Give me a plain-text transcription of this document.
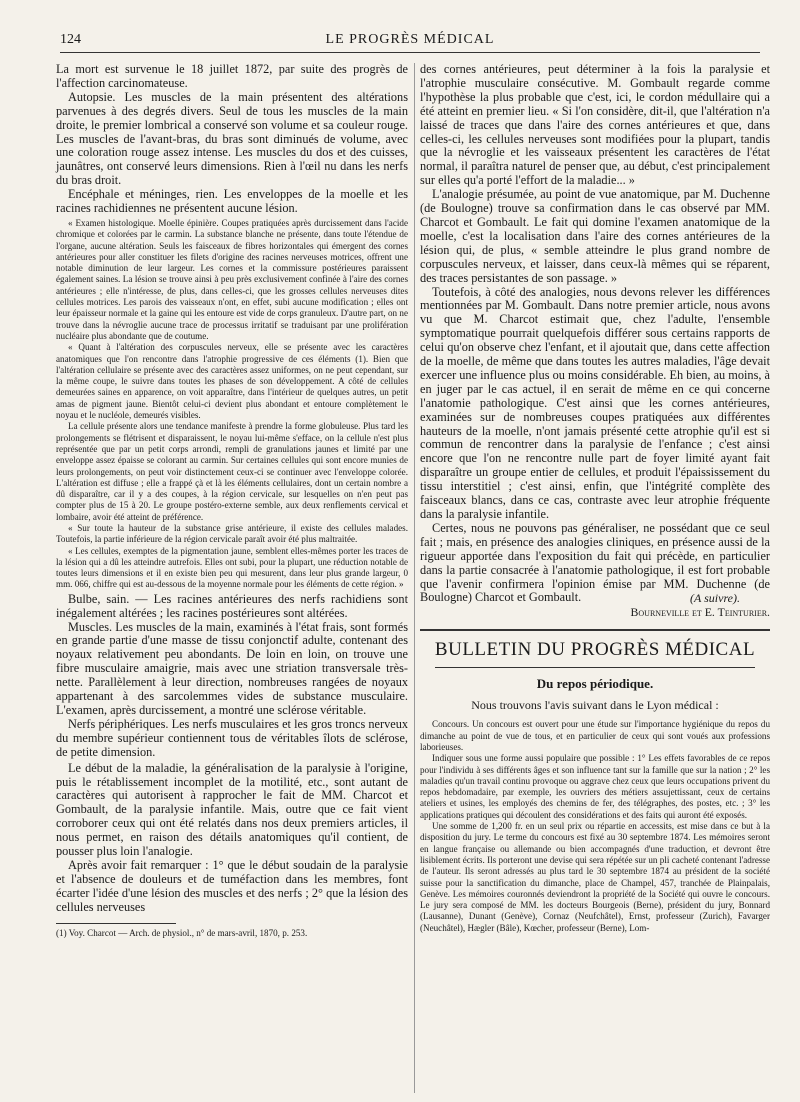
124	LE PROGRÈS MÉDICAL

La mort est survenue le 18 juillet 1872, par suite des progrès de l'affection carcinomateuse.

Autopsie. Les muscles de la main présentent des altérations parvenues à des degrés divers. Seul de tous les muscles de la main droite, le premier lombrical a conservé son volume et sa couleur rouge. Les muscles de l'avant-bras, du bras sont diminués de volume, avec une coloration rouge assez intense. Les muscles du dos et des cuisses, jaunâtres, ont conservé leurs dimensions. Rien à l'œil nu dans les nerfs du bras droit.

Encéphale et méninges, rien. Les enveloppes de la moelle et les racines rachidiennes ne présentent aucune lésion.

« Examen histologique. Moelle épinière. Coupes pratiquées après durcissement dans l'acide chromique et colorées par le carmin. La substance blanche ne présente, dans toute l'étendue de l'organe, aucune altération. Seuls les faisceaux de fibres horizontales qui émergent des cornes antérieures pour aller constituer les filets d'origine des racines nerveuses motrices, offrent une notable diminution de leur largeur. Les cornes et la commissure postérieures paraissent également saines. La lésion se trouve ainsi à peu près exclusivement confinée à l'aire des cornes antérieures ; elle n'intéresse, de plus, dans celles-ci, que les grosses cellules nerveuses dites cellules motrices. Les parois des vaisseaux n'ont, en effet, subi aucune modification ; elles ont leur épaisseur normale et la gaine qui les entoure est vide de corps granuleux. D'autre part, on ne trouve dans la névroglie aucune trace de processus irritatif se traduisant par une prolifération nucléaire plus abondante que de coutume.

« Quant à l'altération des corpuscules nerveux, elle se présente avec les caractères anatomiques que l'on rencontre dans l'atrophie progressive de ces éléments (1). Bien que l'altération cellulaire se présente avec des caractères assez uniformes, on ne peut cependant, sur la même coupe, le suivre dans toutes les phases de son développement. A côté de cellules demeurées saines en apparence, on voit apparaître, dans l'intérieur de quelques autres, un petit amas de pigment jaune. Bientôt celui-ci devient plus abondant et entoure complètement le noyau et le nucléole, demeurés visibles.

La cellule présente alors une tendance manifeste à prendre la forme globuleuse. Plus tard les prolongements se flétrisent et disparaissent, le noyau lui-même s'efface, on la cellule n'est plus représentée que par un petit corps arrondi, rempli de granulations jaunes et limité par une enveloppe assez épaisse se colorant au carmin. Sur certaines cellules qui sont encore munies de leurs prolongements, on peut voir distinctement ceux-ci se continuer avec l'enveloppe colorée. L'altération est diffuse ; elle a frappé çà et là les éléments cellulaires, dont un certain nombre a dû disparaître, car il y a des coupes, à la région cervicale, sur lesquelles on n'en peut pas compter plus de 15 à 20. Le groupe postéro-externe semble, aux deux renflements cervical et lombaire, avoir été atteint de préférence.

« Sur toute la hauteur de la substance grise antérieure, il existe des cellules malades. Toutefois, la partie inférieure de la région cervicale paraît avoir été plus maltraitée.

« Les cellules, exemptes de la pigmentation jaune, semblent elles-mêmes porter les traces de la lésion qui a dû les atteindre autrefois. Elles ont subi, pour la plupart, une réduction notable de toutes leurs dimensions et il en existe bien peu qui mesurent, dans leur plus grande largeur, 0 mm. 066, chiffre qui est au-dessous de la moyenne normale pour les éléments de cette région. »

Bulbe, sain. — Les racines antérieures des nerfs rachidiens sont inégalement altérées ; les racines postérieures sont altérées.

Muscles. Les muscles de la main, examinés à l'état frais, sont formés en grande partie d'une masse de tissu conjonctif adulte, contenant des noyaux relativement peu abondants. De loin en loin, on trouve une fibre musculaire amaigrie, mais avec une striation transversale très-nette. Parallèlement à leur direction, nombreuses rangées de noyaux appartenant à des sarcolemmes vides de substance musculaire. L'examen, après durcissement, a montré une sclérose véritable.

Nerfs périphériques. Les nerfs musculaires et les gros troncs nerveux du membre supérieur contiennent tous de véritables îlots de sclérose, de petite dimension.

Le début de la maladie, la généralisation de la paralysie à l'origine, puis le rétablissement incomplet de la motilité, etc., sont autant de caractères qui autorisent à rapprocher le fait de MM. Charcot et Gombault, de la paralysie infantile. Mais, outre que ce fait vient corroborer ceux qui ont été relatés dans nos deux premiers articles, il nous permet, en raison des détails anatomiques qu'il contient, de pousser plus loin l'analogie.

Après avoir fait remarquer : 1° que le début soudain de la paralysie et l'absence de douleurs et de tuméfaction dans les membres, font écarter l'idée d'une lésion des muscles et des nerfs ; 2° que la lésion des cellules nerveuses

(1) Voy. Charcot — Arch. de physiol., n° de mars-avril, 1870, p. 253.

des cornes antérieures, peut déterminer à la fois la paralysie et l'atrophie musculaire consécutive. M. Gombault regarde comme l'hypothèse la plus probable que c'est, ici, le cordon médullaire qui a été atteint en premier lieu. « Si l'on considère, dit-il, que l'altération n'a laissé de traces que dans l'aire des cornes antérieures et que, dans celles-ci, les cellules nerveuses sont modifiées pour la plupart, tandis que la névroglie et les vaisseaux présentent les caractères de l'état normal, il paraîtra naturel de penser que, au début, c'est principalement sur elles qu'a porté l'effort de la maladie... »

L'analogie présumée, au point de vue anatomique, par M. Duchenne (de Boulogne) trouve sa confirmation dans le cas observé par MM. Charcot et Gombault. Le fait qui domine l'examen anatomique de la moelle, c'est la localisation dans l'aire des cornes antérieures de la lésion qui, de plus, « semble atteindre le plus grand nombre de corpuscules nerveux, et laisser, dans ceux-là mêmes qui se réparent, des traces persistantes de son passage. »

Toutefois, à côté des analogies, nous devons relever les différences mentionnées par M. Gombault. Dans notre premier article, nous avons vu que M. Charcot estimait que, chez l'adulte, l'ensemble symptomatique pourrait quelquefois différer sous certains rapports de celui qu'on observe chez l'enfant, et il ajoutait que, dans cette affection de la moelle, de même que dans toutes les autres maladies, l'âge devait exercer une influence plus ou moins considérable. Eh bien, au moins, à en juger par le cas actuel, il en serait de même en ce qui concerne l'anatomie pathologique. C'est ainsi que les cornes antérieures, examinées sur de nombreuses coupes pratiquées aux différentes hauteurs de la moelle, n'ont jamais présenté cette atrophie qu'il est si commun de rencontrer dans la paralysie de l'enfance ; c'est ainsi encore que l'on ne rencontre nulle part de foyer limité ayant fait disparaître un groupe entier de cellules, et produit l'épaississement du tissu interstitiel ; c'est ainsi, enfin, que l'intégrité complète des faisceaux blancs, dans ce cas, contraste avec leur atrophie fréquente dans la paralysie infantile.

Certes, nous ne pouvons pas généraliser, ne possédant que ce seul fait ; mais, en présence des analogies cliniques, en présence aussi de la rigueur apportée dans l'exposition du fait qui précède, en particulier dans la partie consacrée à l'anatomie pathologique, il est fort probable que l'avenir confirmera l'opinion émise par MM. Duchenne (de Boulogne) Charcot et Gombault.	(A suivre).
Bourneville et E. Teinturier.
BULLETIN DU PROGRÈS MÉDICAL
Du repos périodique.
Nous trouvons l'avis suivant dans le Lyon médical :

Concours. Un concours est ouvert pour une étude sur l'importance hygiénique du repos du dimanche au point de vue de tous, et en particulier de ceux qui sont voués aux professions laborieuses.

Indiquer sous une forme aussi populaire que possible : 1° Les effets favorables de ce repos pour l'individu à ses différents âges et son influence tant sur la famille que sur la nation ; 2° les maladies qu'un travail continu provoque ou aggrave chez ceux que leurs occupations privent du repos hebdomadaire, par exemple, les ouvriers des métiers assujettissant, ceux de certains ateliers et usines, les employés des chemins de fer, des télégraphes, des postes, etc. ; 3° les applications pratiques qui découlent des considérations et des faits qui auront été exposés.

Une somme de 1,200 fr. en un seul prix ou répartie en accessits, est mise dans ce but à la disposition du jury. Le terme du concours est fixé au 30 septembre 1874. Les mémoires seront en langue française ou allemande ou bien accompagnés d'une traduction, et devront être lisiblement écrits. Ils porteront une devise qui sera répétée sur un pli cacheté contenant l'adresse de l'auteur. Ils seront adressés au plus tard le 30 septembre 1874 au président de la société suisse pour la sanctification du dimanche, place de Champel, 457, tranchée de Plainpalais, Genève. Les mémoires couronnés deviendront la propriété de la Société qui ouvre le concours. Le jury sera composé de MM. les docteurs Bourgeois (Berne), président du jury, Bonnard (Lausanne), Dunant (Genève), Cornaz (Neufchâtel), Ernst, professeur (Zurich), Favarger (Neuchâtel), Hægler (Bâle), Kœcher, professeur (Berne), Lom-
